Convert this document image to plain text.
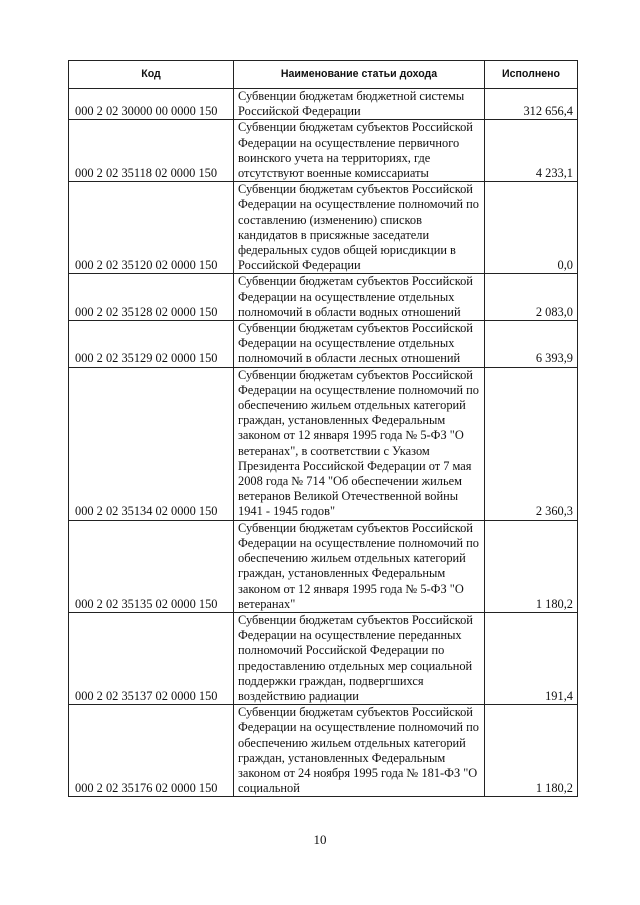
Код	Наименование статьи дохода	Исполнено
000 2 02 30000 00 0000 150	Субвенции бюджетам бюджетной системы Российской Федерации	312 656,4
000 2 02 35118 02 0000 150	Субвенции бюджетам субъектов Российской Федерации на осуществление первичного воинского учета на территориях, где отсутствуют военные комиссариаты	4 233,1
000 2 02 35120 02 0000 150	Субвенции бюджетам субъектов Российской Федерации на осуществление полномочий по составлению (изменению) списков кандидатов в присяжные заседатели федеральных судов общей юрисдикции в Российской Федерации	0,0
000 2 02 35128 02 0000 150	Субвенции бюджетам субъектов Российской Федерации на осуществление отдельных полномочий в области водных отношений	2 083,0
000 2 02 35129 02 0000 150	Субвенции бюджетам субъектов Российской Федерации на осуществление отдельных полномочий в области лесных отношений	6 393,9
000 2 02 35134 02 0000 150	Субвенции бюджетам субъектов Российской Федерации на осуществление полномочий по обеспечению жильем отдельных категорий граждан, установленных Федеральным законом от 12 января 1995 года № 5-ФЗ "О ветеранах", в соответствии с Указом Президента Российской Федерации от 7 мая 2008 года № 714 "Об обеспечении жильем ветеранов Великой Отечественной войны 1941 - 1945 годов"	2 360,3
000 2 02 35135 02 0000 150	Субвенции бюджетам субъектов Российской Федерации на осуществление полномочий по обеспечению жильем отдельных категорий граждан, установленных Федеральным законом от 12 января 1995 года № 5-ФЗ "О ветеранах"	1 180,2
000 2 02 35137 02 0000 150	Субвенции бюджетам субъектов Российской Федерации на осуществление переданных полномочий Российской Федерации по предоставлению отдельных мер социальной поддержки граждан, подвергшихся воздействию радиации	191,4
000 2 02 35176 02 0000 150	Субвенции бюджетам субъектов Российской Федерации на осуществление полномочий по обеспечению жильем отдельных категорий граждан, установленных Федеральным законом от 24 ноября 1995 года № 181-ФЗ "О социальной	1 180,2
10
